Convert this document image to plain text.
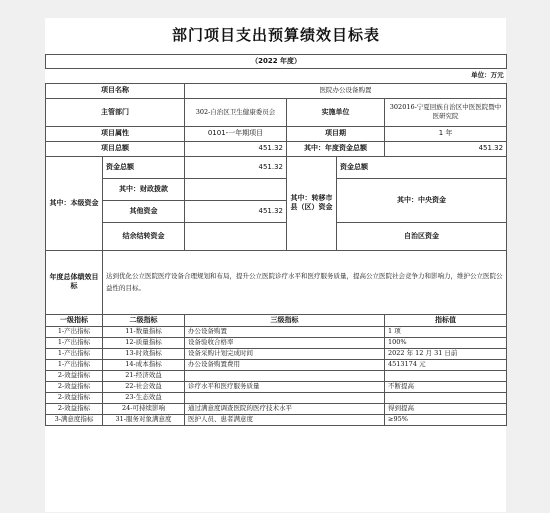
部门项目支出预算绩效目标表					
（2022 年度）					
单位：万元					
项目名称		医院办公设备购置			
主管部门		302-自治区卫生健康委员会	实施单位		302016-宁夏回族自治区中医医院暨中医研究院
项目属性		0101-一年期项目	项目期		1 年
项目总额		451.32	其中：年度资金总额		451.32
其中：本级资金	资金总额	451.32	其中：转移市县（区）资金	资金总额	
	其中：财政拨款			其中：中央资金	
	其他资金	451.32			
	结余结转资金			自治区资金	
年度总体绩效目标	达到优化公立医院医疗设备合理规划和布局，提升公立医院诊疗水平和医疗服务质量，提高公立医院社会竞争力和影响力，维护公立医院公益性的目标。				
一级指标	二级指标	三级指标			指标值
1-产出指标	11-数量指标	办公设备购置			1 项
1-产出指标	12-质量指标	设备验收合格率			100%
1-产出指标	13-时效指标	设备采购计划完成时间			2022 年 12 月 31 日前
1-产出指标	14-成本指标	办公设备购置费用			4513174 元
2-效益指标	21-经济效益				
2-效益指标	22-社会效益	诊疗水平和医疗服务质量			不断提高
2-效益指标	23-生态效益				
2-效益指标	24-可持续影响	通过满意度调查医院的医疗技术水平			得到提高
3-满意度指标	31-服务对象满意度	医护人员、患者满意度			≥95%
